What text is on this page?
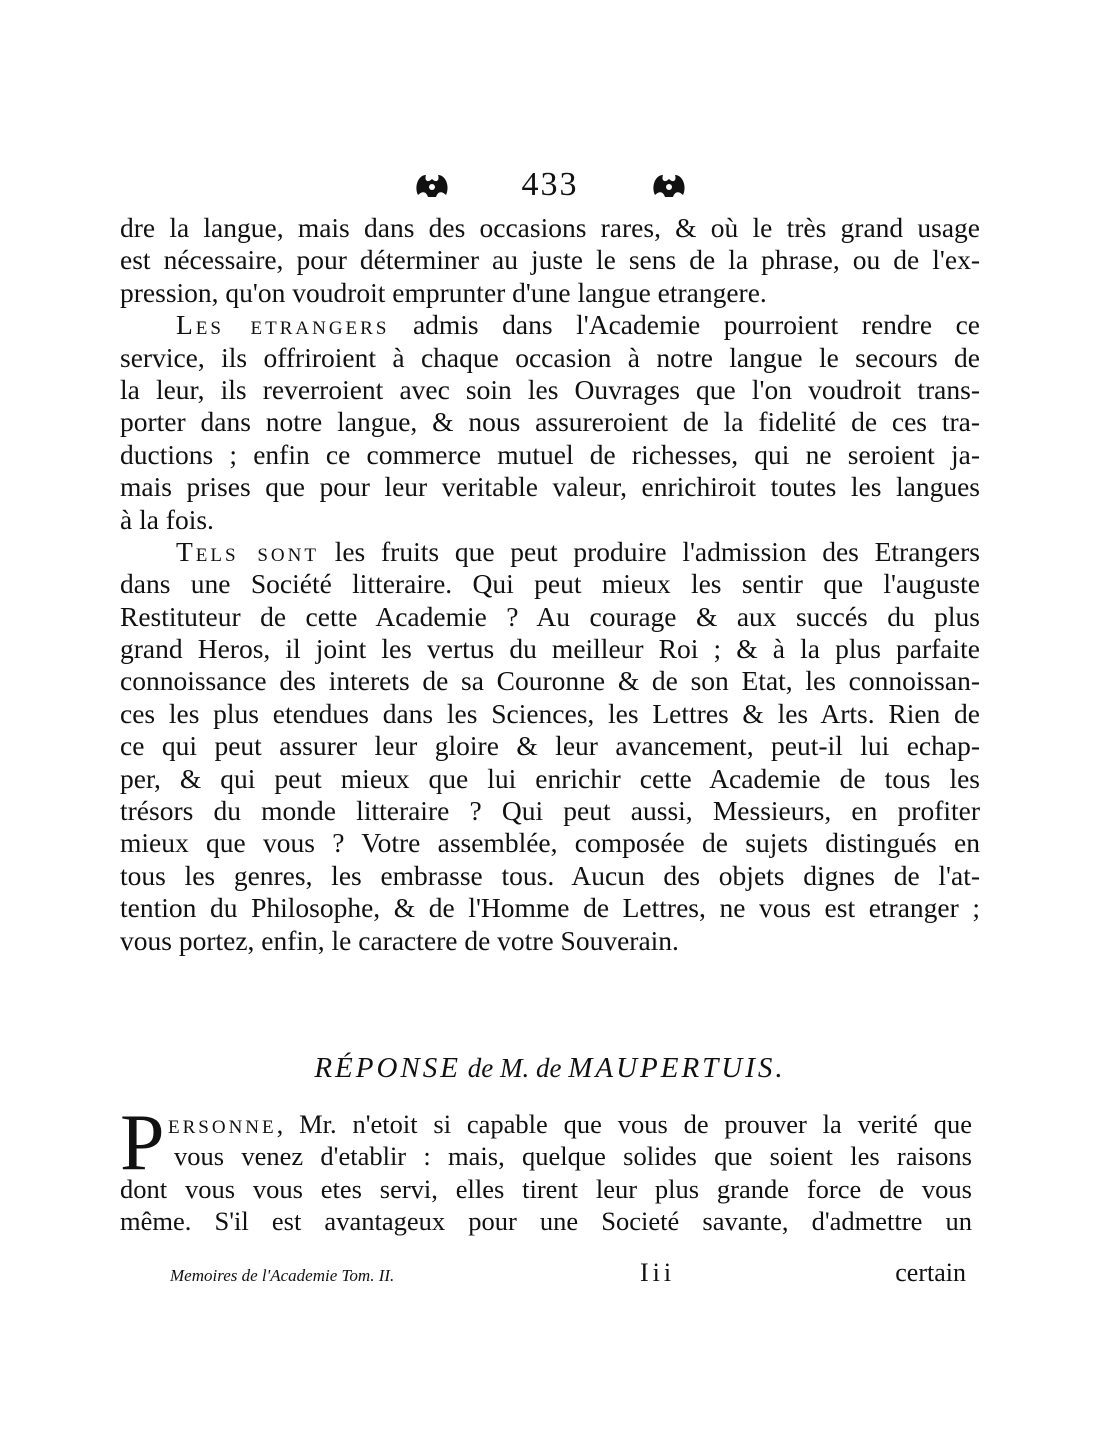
433
dre la langue, mais dans des occasions rares, & où le très grand usage
est nécessaire, pour déterminer au juste le sens de la phrase, ou de l'ex-
pression, qu'on voudroit emprunter d'une langue etrangere.
Les etrangers admis dans l'Academie pourroient rendre ce
service, ils offriroient à chaque occasion à notre langue le secours de
la leur, ils reverroient avec soin les Ouvrages que l'on voudroit trans-
porter dans notre langue, & nous assureroient de la fidelité de ces tra-
ductions ; enfin ce commerce mutuel de richesses, qui ne seroient ja-
mais prises que pour leur veritable valeur, enrichiroit toutes les langues
à la fois.
Tels sont les fruits que peut produire l'admission des Etrangers
dans une Société litteraire. Qui peut mieux les sentir que l'auguste
Restituteur de cette Academie ? Au courage & aux succés du plus
grand Heros, il joint les vertus du meilleur Roi ; & à la plus parfaite
connoissance des interets de sa Couronne & de son Etat, les connoissan-
ces les plus etendues dans les Sciences, les Lettres & les Arts. Rien de
ce qui peut assurer leur gloire & leur avancement, peut-il lui echap-
per, & qui peut mieux que lui enrichir cette Academie de tous les
trésors du monde litteraire ? Qui peut aussi, Messieurs, en profiter
mieux que vous ? Votre assemblée, composée de sujets distingués en
tous les genres, les embrasse tous. Aucun des objets dignes de l'at-
tention du Philosophe, & de l'Homme de Lettres, ne vous est etranger ;
vous portez, enfin, le caractere de votre Souverain.
RÉPONSE de M. de MAUPERTUIS.
P ersonne, Mr. n'etoit si capable que vous de prouver la verité que
vous venez d'etablir : mais, quelque solides que soient les raisons
dont vous vous etes servi, elles tirent leur plus grande force de vous
même. S'il est avantageux pour une Societé savante, d'admettre un
Memoires de l'Academie Tom. II.	Iii	certain
